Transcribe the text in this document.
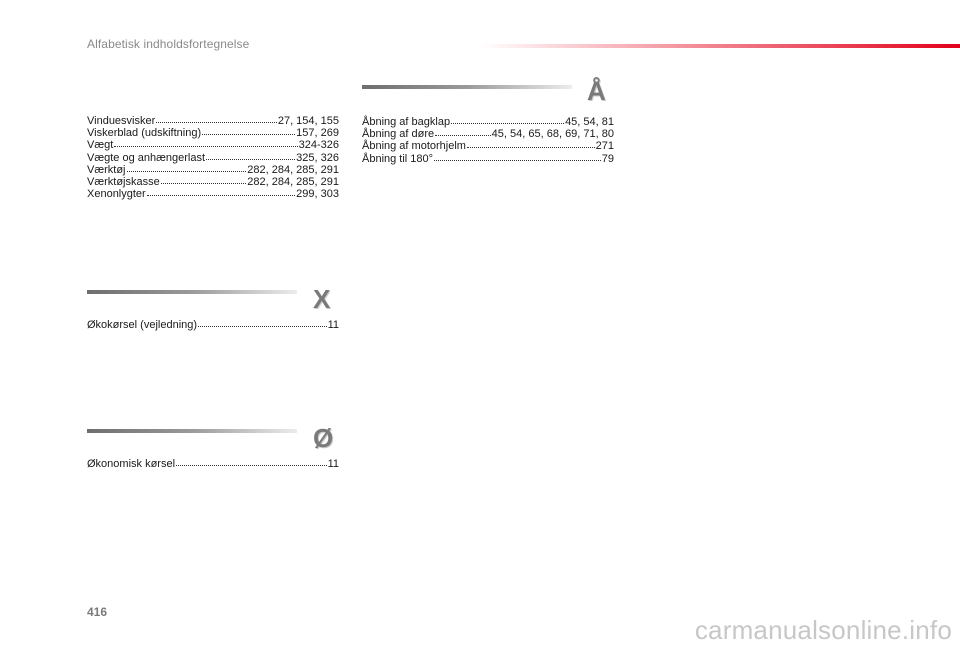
Alfabetisk indholdsfortegnelse
Vinduesvisker	27, 154, 155
Viskerblad (udskiftning)	157, 269
Vægt	324-326
Vægte og anhængerlast	325, 326
Værktøj	282, 284, 285, 291
Værktøjskasse	282, 284, 285, 291
Xenonlygter	299, 303
X
Økokørsel (vejledning)	11
Ø
Økonomisk kørsel	11
Å
Åbning af bagklap	45, 54, 81
Åbning af døre	45, 54, 65, 68, 69, 71, 80
Åbning af motorhjelm	271
Åbning til 180°	79
416
carmanualsonline.info
